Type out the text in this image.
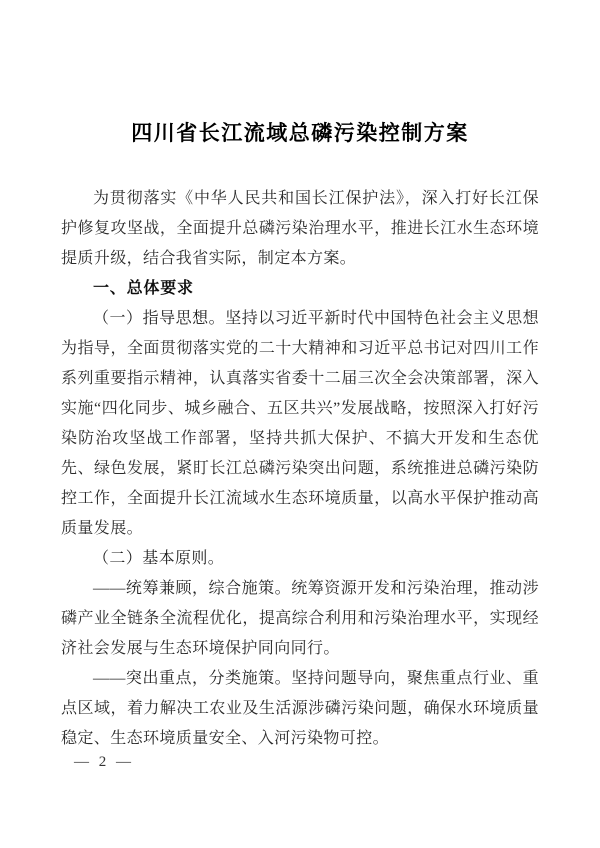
四川省长江流域总磷污染控制方案

为贯彻落实《中华人民共和国长江保护法》，深入打好长江保护修复攻坚战，全面提升总磷污染治理水平，推进长江水生态环境提质升级，结合我省实际，制定本方案。

一、总体要求

（一）指导思想。坚持以习近平新时代中国特色社会主义思想为指导，全面贯彻落实党的二十大精神和习近平总书记对四川工作系列重要指示精神，认真落实省委十二届三次全会决策部署，深入实施“四化同步、城乡融合、五区共兴”发展战略，按照深入打好污染防治攻坚战工作部署，坚持共抓大保护、不搞大开发和生态优先、绿色发展，紧盯长江总磷污染突出问题，系统推进总磷污染防控工作，全面提升长江流域水生态环境质量，以高水平保护推动高质量发展。

（二）基本原则。

——统筹兼顾，综合施策。统筹资源开发和污染治理，推动涉磷产业全链条全流程优化，提高综合利用和污染治理水平，实现经济社会发展与生态环境保护同向同行。

——突出重点，分类施策。坚持问题导向，聚焦重点行业、重点区域，着力解决工农业及生活源涉磷污染问题，确保水环境质量稳定、生态环境质量安全、入河污染物可控。

— 2 —
